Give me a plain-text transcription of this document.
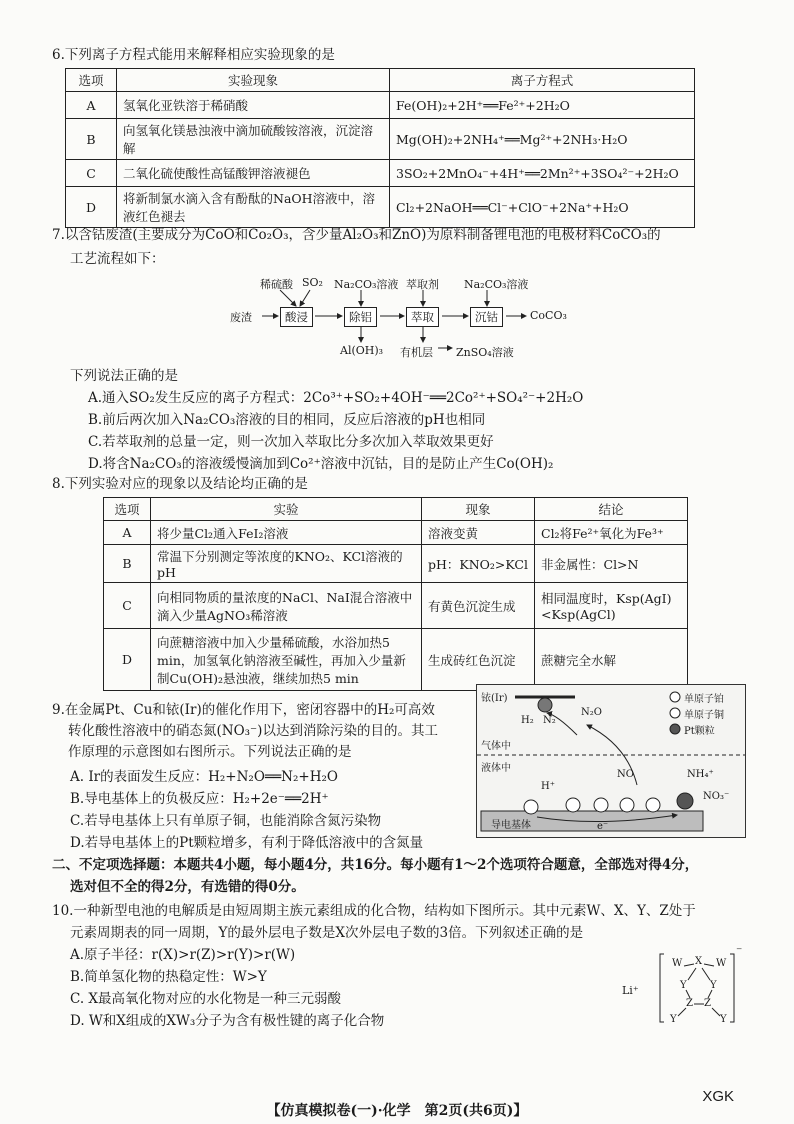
6.下列离子方程式能用来解释相应实验现象的是
选项	实验现象	离子方程式
A	氢氧化亚铁溶于稀硝酸	Fe(OH)₂+2H⁺══Fe²⁺+2H₂O
B	向氢氧化镁悬浊液中滴加硫酸铵溶液，沉淀溶解	Mg(OH)₂+2NH₄⁺══Mg²⁺+2NH₃·H₂O
C	二氧化硫使酸性高锰酸钾溶液褪色	3SO₂+2MnO₄⁻+4H⁺══2Mn²⁺+3SO₄²⁻+2H₂O
D	将新制氯水滴入含有酚酞的NaOH溶液中，溶液红色褪去	Cl₂+2NaOH══Cl⁻+ClO⁻+2Na⁺+H₂O
7.以含钴废渣(主要成分为CoO和Co₂O₃，含少量Al₂O₃和ZnO)为原料制备锂电池的电极材料CoCO₃的
工艺流程如下：
稀硫酸 SO₂ Na₂CO₃溶液 萃取剂 Na₂CO₃溶液
废渣	酸浸	除铝	萃取	沉钴	CoCO₃
Al(OH)₃ 有机层 ZnSO₄溶液
下列说法正确的是
A.通入SO₂发生反应的离子方程式：2Co³⁺+SO₂+4OH⁻══2Co²⁺+SO₄²⁻+2H₂O
B.前后两次加入Na₂CO₃溶液的目的相同，反应后溶液的pH也相同
C.若萃取剂的总量一定，则一次加入萃取比分多次加入萃取效果更好
D.将含Na₂CO₃的溶液缓慢滴加到Co²⁺溶液中沉钴，目的是防止产生Co(OH)₂
8.下列实验对应的现象以及结论均正确的是
选项	实验	现象	结论
A	将少量Cl₂通入FeI₂溶液	溶液变黄	Cl₂将Fe²⁺氧化为Fe³⁺
B	常温下分别测定等浓度的KNO₂、KCl溶液的pH	pH：KNO₂>KCl	非金属性：Cl>N
C	向相同物质的量浓度的NaCl、NaI混合溶液中滴入少量AgNO₃稀溶液	有黄色沉淀生成	相同温度时，Ksp(AgI)<Ksp(AgCl)
D	向蔗糖溶液中加入少量稀硫酸，水浴加热5 min，加氢氧化钠溶液至碱性，再加入少量新制Cu(OH)₂悬浊液，继续加热5 min	生成砖红色沉淀	蔗糖完全水解
9.在金属Pt、Cu和铱(Ir)的催化作用下，密闭容器中的H₂可高效
转化酸性溶液中的硝态氮(NO₃⁻)以达到消除污染的目的。其工
作原理的示意图如右图所示。下列说法正确的是
A. Ir的表面发生反应：H₂+N₂O══N₂+H₂O
B.导电基体上的负极反应：H₂+2e⁻══2H⁺
C.若导电基体上只有单原子铜，也能消除含氮污染物
D.若导电基体上的Pt颗粒增多，有利于降低溶液中的含氮量
铱(Ir)
气体中
液体中
导电基体
单原子铂
单原子铜
Pt颗粒
H₂ N₂
N₂O
NO
NO₃⁻
NH₄⁺
H⁺
e⁻
二、不定项选择题：本题共4小题，每小题4分，共16分。每小题有1～2个选项符合题意，全部选对得4分，
选对但不全的得2分，有选错的得0分。
10.一种新型电池的电解质是由短周期主族元素组成的化合物，结构如下图所示。其中元素W、X、Y、Z处于
元素周期表的同一周期，Y的最外层电子数是X次外层电子数的3倍。下列叙述正确的是
A.原子半径：r(X)>r(Z)>r(Y)>r(W)
B.简单氢化物的热稳定性：W>Y
C. X最高氧化物对应的水化物是一种三元弱酸
D. W和X组成的XW₃分子为含有极性键的离子化合物
Li⁺
⁻
W X W
Y Y
Z Z
Y	Y
【仿真模拟卷(一)·化学　第2页(共6页)】
XGK
